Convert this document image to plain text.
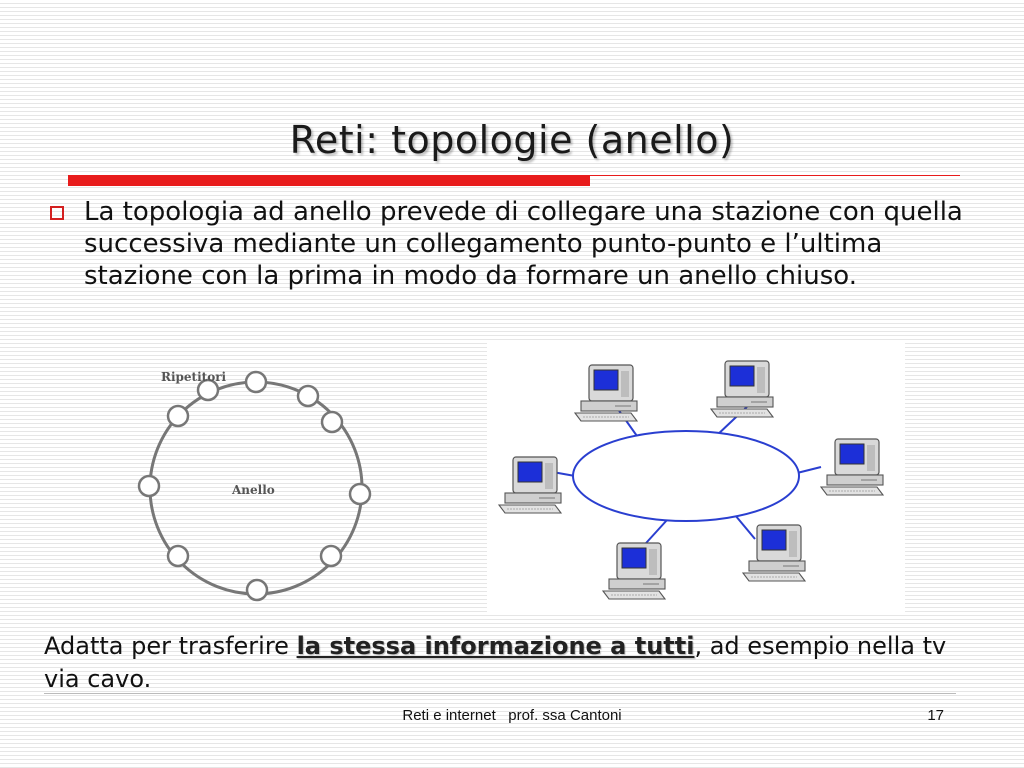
Reti: topologie (anello)
La topologia ad anello prevede di collegare una stazione con quella successiva mediante un collegamento punto-punto e l’ultima stazione con la prima in modo da formare un anello chiuso.
Ripetitori
Anello
Adatta per trasferire la stessa informazione a tutti, ad esempio nella tv via cavo.
Reti e internet   prof. ssa Cantoni	17
